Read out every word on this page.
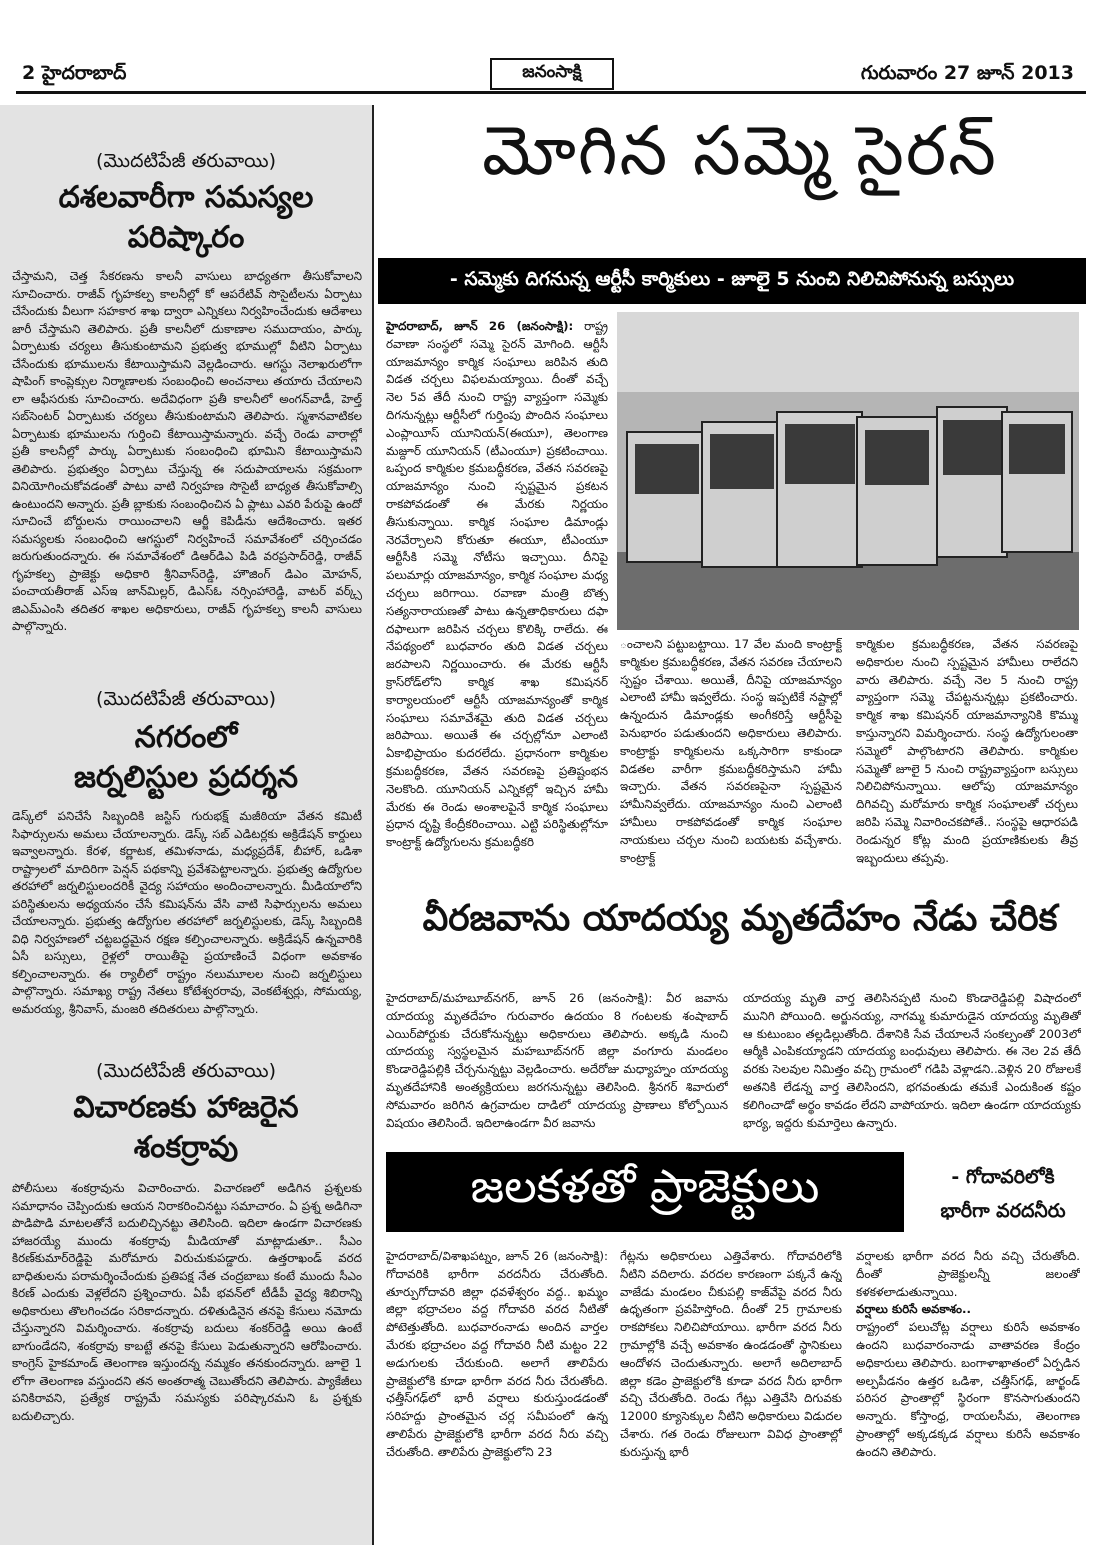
2 హైదరాబాద్	జనంసాక్షి	గురువారం 27 జూన్ 2013
(మొదటిపేజీ తరువాయి)
దశలవారీగా సమస్యల
పరిష్కారం
చేస్తామని, చెత్త సేకరణను కాలనీ వాసులు బాధ్యతగా తీసుకోవాలని సూచించారు. రాజీవ్ గృహకల్ప కాలనీల్లో కో ఆపరేటివ్ సొసైటీలను ఏర్పాటు చేసేందుకు వీలుగా సహకార శాఖ ద్వారా ఎన్నికలు నిర్వహించేందుకు ఆదేశాలు జారీ చేస్తామని తెలిపారు. ప్రతీ కాలనీలో దుకాణాల సముదాయం, పార్కు ఏర్పాటుకు చర్యలు తీసుకుంటామని ప్రభుత్వ భూముల్లో వీటిని ఏర్పాటు చేసేందుకు భూములను కేటాయిస్తామని వెల్లడించారు. ఆగస్టు నెలాఖరులోగా షాపింగ్ కాంప్లెక్సుల నిర్మాణాలకు సంబంధించి అంచనాలు తయారు చేయాలని లా ఆఫీసరుకు సూచించారు. అదేవిధంగా ప్రతీ కాలనీలో అంగన్‌వాడీ, హెల్త్ సబ్‌సెంటర్ ఏర్పాటుకు చర్యలు తీసుకుంటామని తెలిపారు. స్మశానవాటికల ఏర్పాటుకు భూములను గుర్తించి కేటాయిస్తామన్నారు. వచ్చే రెండు వారాల్లో ప్రతీ కాలనీల్లో పార్కు ఏర్పాటుకు సంబంధించి భూమిని కేటాయిస్తామని తెలిపారు. ప్రభుత్వం ఏర్పాటు చేస్తున్న ఈ సదుపాయాలను సక్రమంగా వినియోగించుకోవడంతో పాటు వాటి నిర్వహణ సొసైటీ బాధ్యత తీసుకోవాల్సి ఉంటుందని అన్నారు. ప్రతీ బ్లాకుకు సంబంధించిన ఏ ప్లాటు ఎవరి పేరుపై ఉందో సూచించే బోర్డులను రాయించాలని ఆర్జీ కెపిడీను ఆదేశించారు. ఇతర సమస్యలకు సంబంధించి ఆగస్టులో నిర్వహించే సమావేశంలో చర్చించడం జరుగుతుందన్నారు. ఈ సమావేశంలో డిఆర్‌డిఎ పిడి వరప్రసాద్‌రెడ్డి, రాజీవ్ గృహకల్ప ప్రాజెక్టు అధికారి శ్రీనివాస్‌రెడ్డి, హౌజింగ్ డిఎం మోహన్, పంచాయతీరాజ్ ఎస్ఇ జాన్‌మిల్లర్, డిఎస్ఓ నర్సింహారెడ్డి, వాటర్ వర్క్స్ జిఎమ్‌ఎంసి తదితర శాఖల అధికారులు, రాజీవ్ గృహకల్ప కాలనీ వాసులు పాల్గొన్నారు.
(మొదటిపేజీ తరువాయి)
నగరంలో
జర్నలిస్టుల ప్రదర్శన
డెస్క్‌లో పనిచేసే సిబ్బందికి జస్టిస్ గురుభక్ష్ మజీఠియా వేతన కమిటీ సిఫార్సులను అమలు చేయాలన్నారు. డెస్క్ సబ్ ఎడిటర్లకు అక్రిడేషన్ కార్డులు ఇవ్వాలన్నారు. కేరళ, కర్ణాటక, తమిళనాడు, మధ్యప్రదేశ్, బీహార్, ఒడిశా రాష్ట్రాలలో మాదిరిగా పెన్షన్ పథకాన్ని ప్రవేశపెట్టాలన్నారు. ప్రభుత్వ ఉద్యోగుల తరహాలో జర్నలిస్టులందరికీ వైద్య సహాయం అందించాలన్నారు. మీడియాలోని పరిస్థితులను అధ్యయనం చేసే కమిషన్‌ను వేసి వాటి సిఫార్సులను అమలు చేయాలన్నారు. ప్రభుత్వ ఉద్యోగుల తరహాలో జర్నలిస్టులకు, డెస్క్ సిబ్బందికి విధి నిర్వహణలో చట్టబద్ధమైన రక్షణ కల్పించాలన్నారు. అక్రిడేషన్ ఉన్నవారికి ఏసీ బస్సులు, రైళ్లలో రాయితీపై ప్రయాణించే విధంగా అవకాశం కల్పించాలన్నారు. ఈ ర్యాలీలో రాష్ట్రం నలుమూలల నుంచి జర్నలిస్టులు పాల్గొన్నారు. సమాఖ్య రాష్ట్ర నేతలు కోటేశ్వరరావు, వెంకటేశ్వర్లు, సోమయ్య, అమరయ్య, శ్రీనివాస్, మంజరి తదితరులు పాల్గొన్నారు.
(మొదటిపేజీ తరువాయి)
విచారణకు హాజరైన
శంకర్రావు
పోలీసులు శంకర్రావును విచారించారు. విచారణలో అడిగిన ప్రశ్నలకు సమాధానం చెప్పిందుకు ఆయన నిరాకరించినట్టు సమాచారం. ఏ ప్రశ్న అడిగినా పొడిపొడి మాటలతోనే బదులిచ్చినట్టు తెలిసింది. ఇదిలా ఉండగా విచారణకు హాజరయ్యే ముందు శంకర్రావు మీడియాతో మాట్లాడుతూ.. సీఎం కిరణ్‌కుమార్‌రెడ్డిపై మరోమారు విరుచుకుపడ్డారు. ఉత్తరాఖండ్ వరద బాధితులను పరామర్శించేందుకు ప్రతిపక్ష నేత చంద్రబాబు కంటే ముందు సీఎం కిరణ్ ఎందుకు వెళ్లలేదని ప్రశ్నించారు. ఏపీ భవన్‌లో టీడీపీ వైద్య శిబిరాన్ని అధికారులు తొలగించడం సరికాదన్నారు. దళితుడినైన తనపై కేసులు నమోదు చేస్తున్నారని విమర్శించారు. శంకర్రావు బదులు శంకర్‌రెడ్డి అయి ఉంటే బాగుండేదని, శంకర్రావు కాబట్టే తనపై కేసులు పెడుతున్నారని ఆరోపించారు. కాంగ్రెస్ హైకమాండ్ తెలంగాణ ఇస్తుందన్న నమ్మకం తనకుందన్నారు. జూలై 1 లోగా తెలంగాణ వస్తుందని తన అంతరాత్మ చెబుతోందని తెలిపారు. ప్యాకేజీలు పనికిరావని, ప్రత్యేక రాష్ట్రమే సమస్యకు పరిష్కారమని ఓ ప్రశ్నకు బదులిచ్చారు.
మోగిన సమ్మె సైరన్
- సమ్మెకు దిగనున్న ఆర్టీసీ కార్మికులు - జూలై 5 నుంచి నిలిచిపోనున్న బస్సులు
హైదరాబాద్, జూన్ 26 (జనంసాక్షి): రాష్ట్ర రవాణా సంస్థలో సమ్మె సైరన్ మోగింది. ఆర్టీసీ యాజమాన్యం కార్మిక సంఘాలు జరిపిన తుది విడత చర్చలు విఫలమయ్యాయి. దీంతో వచ్చే నెల 5వ తేదీ నుంచి రాష్ట్ర వ్యాప్తంగా సమ్మెకు దిగనున్నట్లు ఆర్టీసీలో గుర్తింపు పొందిన సంఘాలు ఎంప్లాయీస్ యూనియన్(ఈయూ), తెలంగాణ మజ్దూర్ యూనియన్ (టీఎంయూ) ప్రకటించాయి. ఒప్పంద కార్మికుల క్రమబద్ధీకరణ, వేతన సవరణపై యాజమాన్యం నుంచి స్పష్టమైన ప్రకటన రాకపోవడంతో ఈ మేరకు నిర్ణయం తీసుకున్నాయి. కార్మిక సంఘాల డిమాండ్లు నెరవేర్చాలని కోరుతూ ఈయూ, టీఎంయూ ఆర్టీసీకి సమ్మె నోటీసు ఇచ్చాయి. దీనిపై పలుమార్లు యాజమాన్యం, కార్మిక సంఘాల మధ్య చర్చలు జరిగాయి. రవాణా మంత్రి బొత్స సత్యనారాయణతో పాటు ఉన్నతాధికారులు దఫా దఫాలుగా జరిపిన చర్చలు కొలిక్కి రాలేదు. ఈ నేపథ్యంలో బుధవారం తుది విడత చర్చలు జరపాలని నిర్ణయించారు. ఈ మేరకు ఆర్టీసీ క్రాస్‌రోడ్‌లోని కార్మిక శాఖ కమిషనర్ కార్యాలయంలో ఆర్టీసీ యాజమాన్యంతో కార్మిక సంఘాలు సమావేశమై తుది విడత చర్చలు జరిపాయి. అయితే ఈ చర్చల్లోనూ ఎలాంటి ఏకాభిప్రాయం కుదరలేదు. ప్రధానంగా కార్మికుల క్రమబద్ధీకరణ, వేతన సవరణపై ప్రతిష్టంభన నెలకొంది. యూనియన్ ఎన్నికల్లో ఇచ్చిన హామీ మేరకు ఈ రెండు అంశాలపైనే కార్మిక సంఘాలు ప్రధాన దృష్టి కేంద్రీకరించాయి. ఎట్టి పరిస్థితుల్లోనూ కాంట్రాక్ట్ ఉద్యోగులను క్రమబద్ధీకరి
ంచాలని పట్టుబట్టాయి. 17 వేల మంది కాంట్రాక్ట్ కార్మికుల క్రమబద్ధీకరణ, వేతన సవరణ చేయాలని స్పష్టం చేశాయి. అయితే, దీనిపై యాజమాన్యం ఎలాంటి హామీ ఇవ్వలేదు. సంస్థ ఇప్పటికే నష్టాల్లో ఉన్నందున డిమాండ్లకు అంగీకరిస్తే ఆర్టీసీపై పెనుభారం పడుతుందని అధికారులు తెలిపారు. కాంట్రాక్టు కార్మికులను ఒక్కసారిగా కాకుండా విడతల వారీగా క్రమబద్ధీకరిస్తామని హామీ ఇచ్చారు. వేతన సవరణపైనా స్పష్టమైన హామీనివ్వలేదు. యాజమాన్యం నుంచి ఎలాంటి హామీలు రాకపోవడంతో కార్మిక సంఘాల నాయకులు చర్చల నుంచి బయటకు వచ్చేశారు. కాంట్రాక్ట్
కార్మికుల క్రమబద్ధీకరణ, వేతన సవరణపై అధికారుల నుంచి స్పష్టమైన హామీలు రాలేదని వారు తెలిపారు. వచ్చే నెల 5 నుంచి రాష్ట్ర వ్యాప్తంగా సమ్మె చేపట్టనున్నట్లు ప్రకటించారు. కార్మిక శాఖ కమిషనర్ యాజమాన్యానికి కొమ్ము కాస్తున్నారని విమర్శించారు. సంస్థ ఉద్యోగులంతా సమ్మెలో పాల్గొంటారని తెలిపారు. కార్మికుల సమ్మెతో జూలై 5 నుంచి రాష్ట్రవ్యాప్తంగా బస్సులు నిలిచిపోనున్నాయి. ఆలోపు యాజమాన్యం దిగివచ్చి మరోమారు కార్మిక సంఘాలతో చర్చలు జరిపి సమ్మె నివారించకపోతే.. సంస్థపై ఆధారపడి రెండున్నర కోట్ల మంది ప్రయాణికులకు తీవ్ర ఇబ్బందులు తప్పవు.
వీరజవాను యాదయ్య మృతదేహం నేడు చేరిక
హైదరాబాద్/మహబూబ్‌నగర్, జూన్ 26 (జనంసాక్షి): వీర జవాను యాదయ్య మృతదేహం గురువారం ఉదయం 8 గంటలకు శంషాబాద్ ఎయిర్‌పోర్టుకు చేరుకోనున్నట్టు అధికారులు తెలిపారు. అక్కడి నుంచి యాదయ్య స్వస్థలమైన మహబూబ్‌నగర్ జిల్లా వంగూరు మండలం కొండారెడ్డిపల్లికి చేర్చనున్నట్టు వెల్లడించారు. అదేరోజు మధ్యాహ్నం యాదయ్య మృతదేహానికి అంత్యక్రియలు జరగనున్నట్టు తెలిసింది. శ్రీనగర్ శివారులో సోమవారం జరిగిన ఉగ్రవాదుల దాడిలో యాదయ్య ప్రాణాలు కోల్పోయిన విషయం తెలిసిందే. ఇదిలాఉండగా వీర జవాను
యాదయ్య మృతి వార్త తెలిసినప్పటి నుంచి కొండారెడ్డిపల్లి విషాదంలో మునిగి పోయింది. అర్జునయ్య, నాగమ్మ కుమారుడైన యాదయ్య మృతితో ఆ కుటుంబం తల్లడిల్లుతోంది. దేశానికి సేవ చేయాలనే సంకల్పంతో 2003లో ఆర్మీకి ఎంపికయ్యాడని యాదయ్య బంధువులు తెలిపారు. ఈ నెల 2వ తేదీ వరకు సెలవుల నిమిత్తం వచ్చి గ్రామంలో గడిపి వెళ్లాడని..వెళ్లిన 20 రోజులకే అతనికి లేడన్న వార్త తెలిసిందని, భగవంతుడు తమకే ఎందుకింత కష్టం కలిగించాడో అర్థం కావడం లేదని వాపోయారు. ఇదిలా ఉండగా యాదయ్యకు భార్య, ఇద్దరు కుమార్తెలు ఉన్నారు.
జలకళతో ప్రాజెక్టులు	- గోదావరిలోకి
భారీగా వరదనీరు
హైదరాబాద్/విశాఖపట్నం, జూన్ 26 (జనంసాక్షి): గోదావరికి భారీగా వరదనీరు చేరుతోంది. తూర్పుగోదావరి జిల్లా ధవళేశ్వరం వద్ద.. ఖమ్మం జిల్లా భద్రాచలం వద్ద గోదావరి వరద నీటితో పోటెత్తుతోంది. బుధవారంనాడు అందిన వార్తల మేరకు భద్రాచలం వద్ద గోదావరి నీటి మట్టం 22 అడుగులకు చేరుకుంది. అలాగే తాలిపేరు ప్రాజెక్టులోకి కూడా భారీగా వరద నీరు చేరుతోంది. ఛత్తీస్‌గఢ్‌లో భారీ వర్షాలు కురుస్తుండడంతో సరిహద్దు ప్రాంతమైన చర్ల సమీపంలో ఉన్న తాలిపేరు ప్రాజెక్టులోకి భారీగా వరద నీరు వచ్చి చేరుతోంది. తాలిపేరు ప్రాజెక్టులోని 23
గేట్లను అధికారులు ఎత్తివేశారు. గోదావరిలోకి నీటిని వదిలారు. వరదల కారణంగా పక్కనే ఉన్న వాజేడు మండలం చీకుపల్లి కాజ్‌వేపై వరద నీరు ఉధృతంగా ప్రవహిస్తోంది. దీంతో 25 గ్రామాలకు రాకపోకలు నిలిచిపోయాయి. భారీగా వరద నీరు గ్రామాల్లోకి వచ్చే అవకాశం ఉండడంతో స్థానికులు ఆందోళన చెందుతున్నారు. అలాగే అదిలాబాద్ జిల్లా కడెం ప్రాజెక్టులోకి కూడా వరద నీరు భారీగా వచ్చి చేరుతోంది. రెండు గేట్లు ఎత్తివేసి దిగువకు 12000 క్యూసెక్కుల నీటిని అధికారులు విడుదల చేశారు. గత రెండు రోజులుగా వివిధ ప్రాంతాల్లో కురుస్తున్న భారీ
వర్షాలకు భారీగా వరద నీరు వచ్చి చేరుతోంది. దీంతో ప్రాజెక్టులన్నీ జలంతో కళకళలాడుతున్నాయి.
వర్షాలు కురిసే అవకాశం..
రాష్ట్రంలో పలుచోట్ల వర్షాలు కురిసే అవకాశం ఉందని బుధవారంనాడు వాతావరణ కేంద్రం అధికారులు తెలిపారు. బంగాళాఖాతంలో ఏర్పడిన అల్పపీడనం ఉత్తర ఒడిశా, చత్తీస్‌గఢ్, జార్ఖండ్ పరిసర ప్రాంతాల్లో స్థిరంగా కొనసాగుతుందని అన్నారు. కోస్తాంధ్ర, రాయలసీమ, తెలంగాణ ప్రాంతాల్లో అక్కడక్కడ వర్షాలు కురిసే అవకాశం ఉందని తెలిపారు.
